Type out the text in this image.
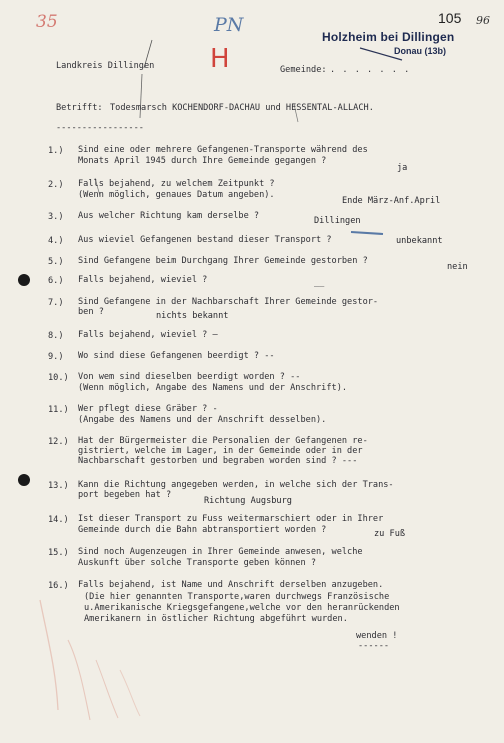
35	PN
H
105 96
Holzheim bei Dillingen
Donau (13b)
Landkreis Dillingen	Gemeinde: . . . . . . .
Betrifft: Todesmarsch KOCHENDORF-DACHAU und HESSENTAL-ALLACH.
-----------------
1.) Sind eine oder mehrere Gefangenen-Transporte während des
Monats April 1945 durch Ihre Gemeinde gegangen ?
ja
2.) Falls bejahend, zu welchem Zeitpunkt ?
(Wenn möglich, genaues Datum angeben).
Ende März-Anf.April
3.) Aus welcher Richtung kam derselbe ?	Dillingen
4.) Aus wieviel Gefangenen bestand dieser Transport ?	unbekannt
5.) Sind Gefangene beim Durchgang Ihrer Gemeinde gestorben ?
nein
6.) Falls bejahend, wieviel ?	__
7.) Sind Gefangene in der Nachbarschaft Ihrer Gemeinde gestor-
ben ?	nichts bekannt
8.) Falls bejahend, wieviel ? —
9.) Wo sind diese Gefangenen beerdigt ? --
10.) Von wem sind dieselben beerdigt worden ? --
(Wenn möglich, Angabe des Namens und der Anschrift).
11.) Wer pflegt diese Gräber ? -
(Angabe des Namens und der Anschrift desselben).
12.) Hat der Bürgermeister die Personalien der Gefangenen re-
gistriert, welche im Lager, in der Gemeinde oder in der
Nachbarschaft gestorben und begraben worden sind ? ---
13.) Kann die Richtung angegeben werden, in welche sich der Trans-
port begeben hat ?
Richtung Augsburg
14.) Ist dieser Transport zu Fuss weitermarschiert oder in Ihrer
Gemeinde durch die Bahn abtransportiert worden ?	zu Fuß
15.) Sind noch Augenzeugen in Ihrer Gemeinde anwesen, welche
Auskunft über solche Transporte geben können ?
16.) Falls bejahend, ist Name und Anschrift derselben anzugeben.
(Die hier genannten Transporte,waren durchwegs Französische
u.Amerikanische Kriegsgefangene,welche vor den heranrückenden
Amerikanern in östlicher Richtung abgeführt wurden.
wenden !
------
